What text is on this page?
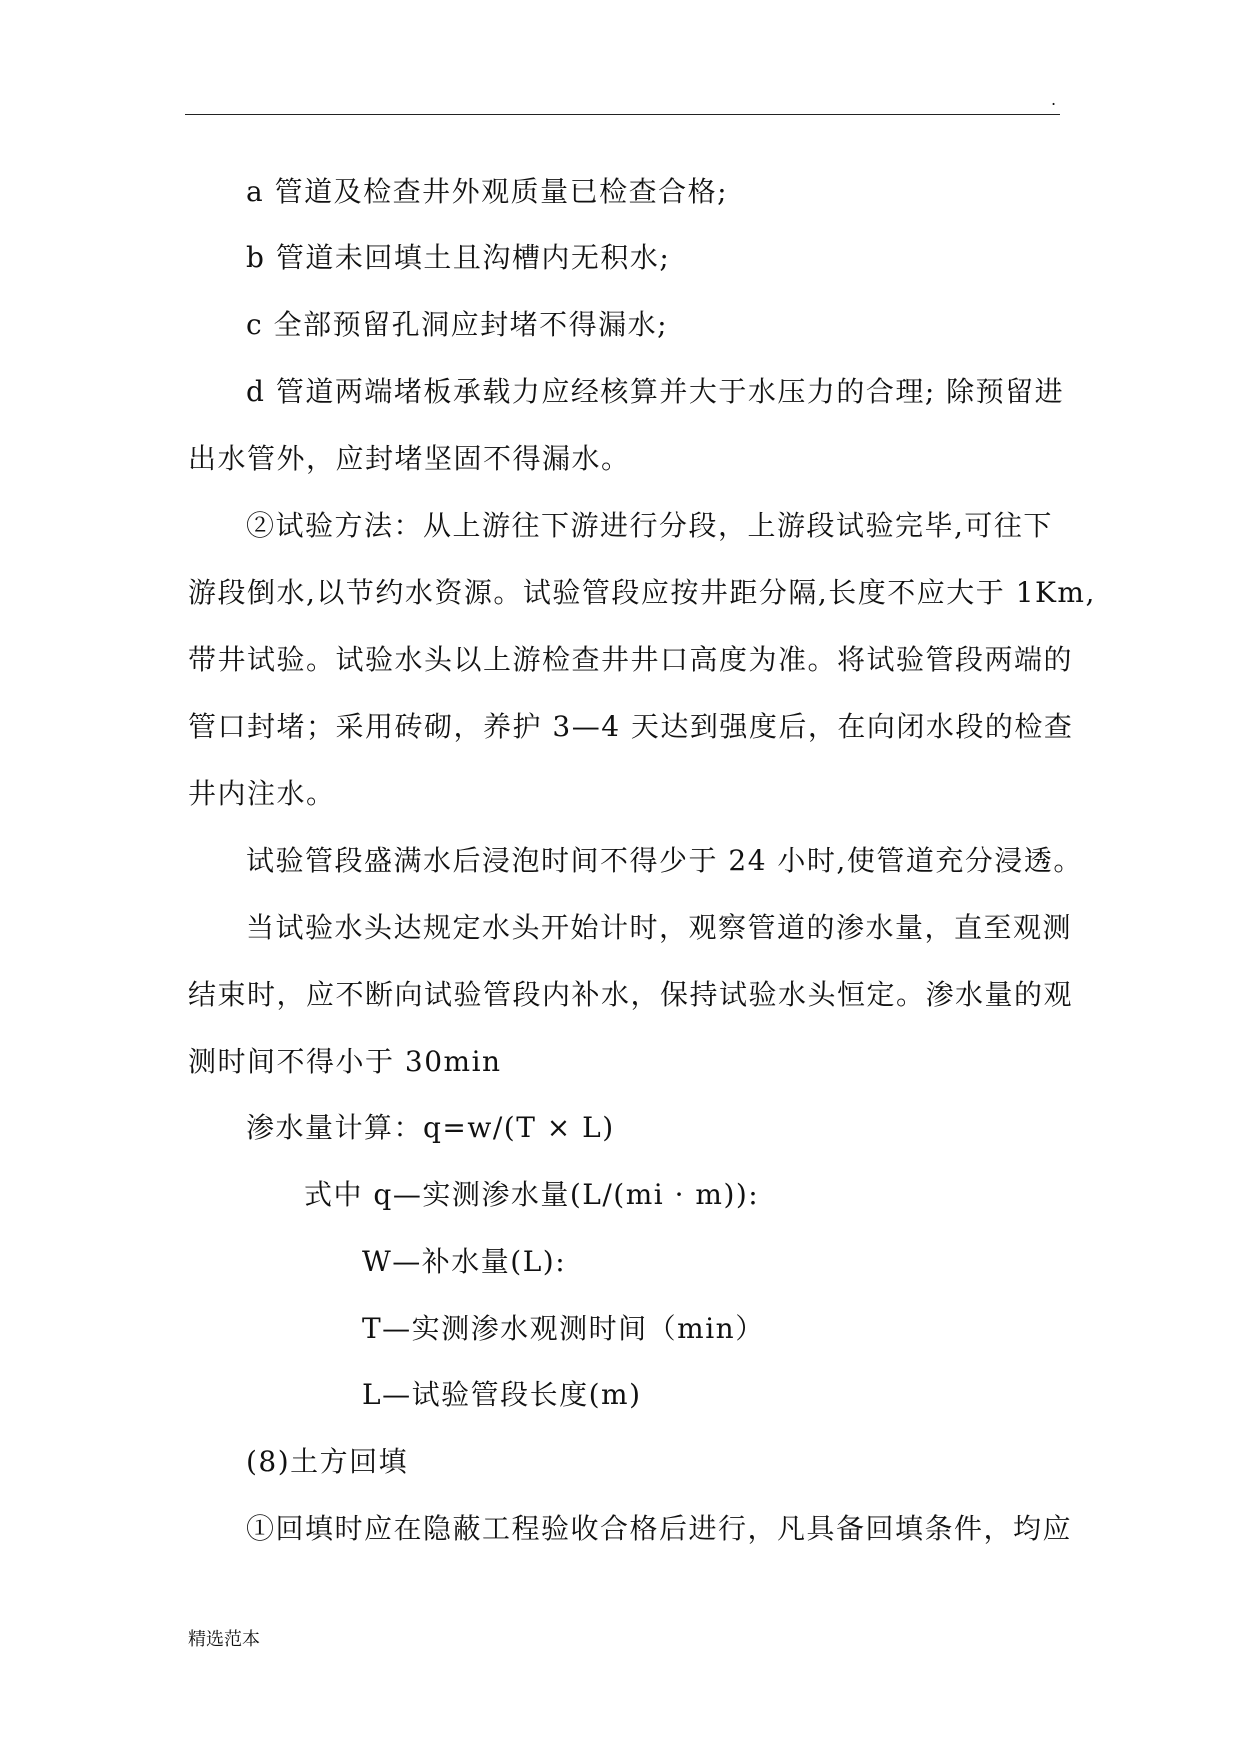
.
a 管道及检查井外观质量已检查合格;
b 管道未回填土且沟槽内无积水;
c 全部预留孔洞应封堵不得漏水;
d 管道两端堵板承载力应经核算并大于水压力的合理; 除预留进
出水管外，应封堵坚固不得漏水。
②试验方法：从上游往下游进行分段，上游段试验完毕,可往下
游段倒水,以节约水资源。试验管段应按井距分隔,长度不应大于 1Km,
带井试验。试验水头以上游检查井井口高度为准。将试验管段两端的
管口封堵；采用砖砌，养护 3—4 天达到强度后，在向闭水段的检查
井内注水。
试验管段盛满水后浸泡时间不得少于 24 小时,使管道充分浸透。
当试验水头达规定水头开始计时，观察管道的渗水量，直至观测
结束时，应不断向试验管段内补水，保持试验水头恒定。渗水量的观
测时间不得小于 30min
渗水量计算：q=w/(T × L)
式中 q—实测渗水量(L/(mi · m)):
W—补水量(L):
T—实测渗水观测时间（min）
L—试验管段长度(m)
(8)土方回填
①回填时应在隐蔽工程验收合格后进行，凡具备回填条件，均应
精选范本
